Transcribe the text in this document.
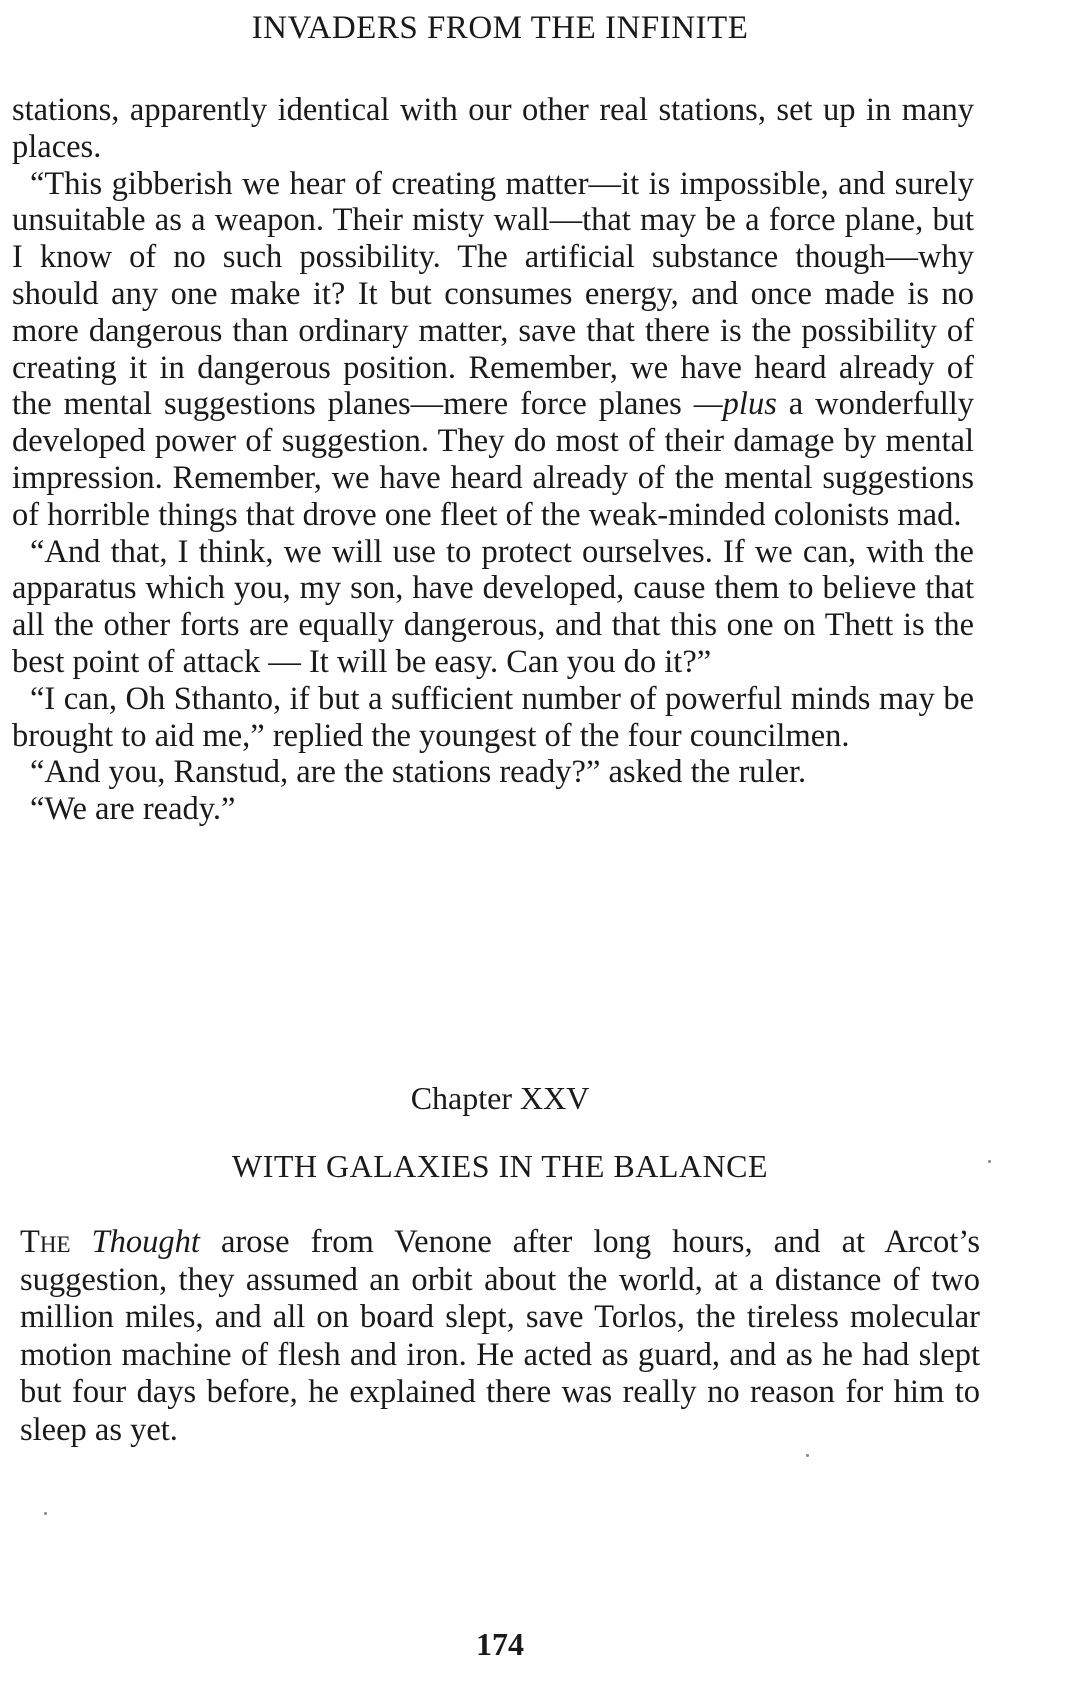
INVADERS FROM THE INFINITE

stations, apparently identical with our other real stations, set up in many places.

“This gibberish we hear of creating matter—it is impossible, and surely unsuitable as a weapon. Their misty wall—that may be a force plane, but I know of no such possibility. The artificial substance though—why should any one make it? It but consumes energy, and once made is no more dangerous than ordinary matter, save that there is the possibility of creating it in dangerous position. Remember, we have heard already of the mental suggestions planes—mere force planes —plus a wonderfully developed power of suggestion. They do most of their damage by mental impression. Remember, we have heard already of the mental suggestions of horrible things that drove one fleet of the weak-minded colonists mad.

“And that, I think, we will use to protect ourselves. If we can, with the apparatus which you, my son, have developed, cause them to believe that all the other forts are equally dangerous, and that this one on Thett is the best point of attack — It will be easy. Can you do it?”

“I can, Oh Sthanto, if but a sufficient number of powerful minds may be brought to aid me,” replied the youngest of the four councilmen.

“And you, Ranstud, are the stations ready?” asked the ruler.

“We are ready.”

Chapter XXV
WITH GALAXIES IN THE BALANCE

The Thought arose from Venone after long hours, and at Arcot’s suggestion, they assumed an orbit about the world, at a distance of two million miles, and all on board slept, save Torlos, the tireless molecular motion machine of flesh and iron. He acted as guard, and as he had slept but four days before, he explained there was really no reason for him to sleep as yet.

174
